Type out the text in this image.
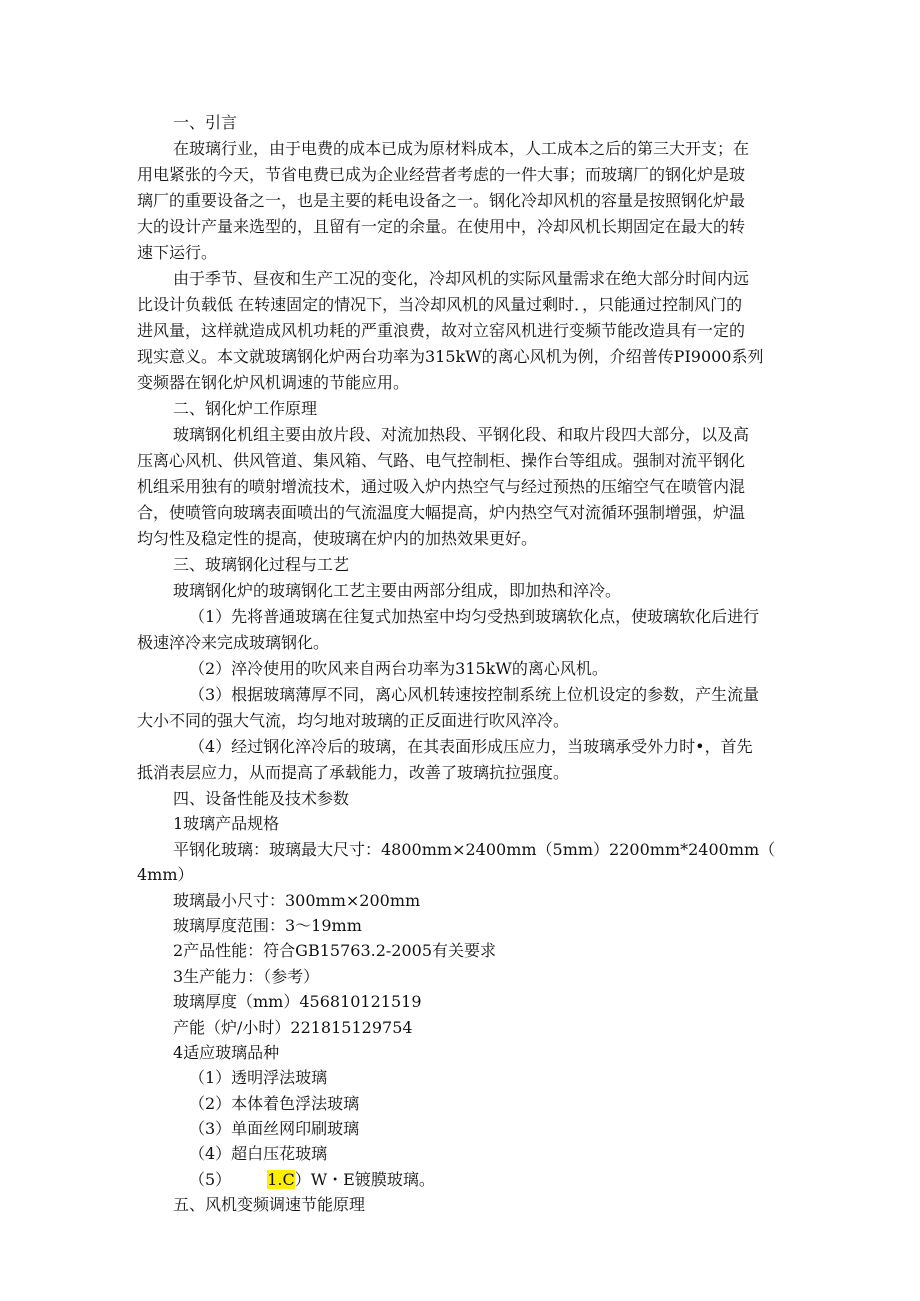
一、引言
在玻璃行业，由于电费的成本已成为原材料成本，人工成本之后的第三大开支；在
用电紧张的今天，节省电费已成为企业经营者考虑的一件大事；而玻璃厂的钢化炉是玻
璃厂的重要设备之一，也是主要的耗电设备之一。钢化冷却风机的容量是按照钢化炉最
大的设计产量来选型的，且留有一定的余量。在使用中，冷却风机长期固定在最大的转
速下运行。
由于季节、昼夜和生产工况的变化，冷却风机的实际风量需求在绝大部分时间内远
比设计负载低 在转速固定的情况下，当冷却风机的风量过剩时．，只能通过控制风门的
进风量，这样就造成风机功耗的严重浪费，故对立窑风机进行变频节能改造具有一定的
现实意义。本文就玻璃钢化炉两台功率为315kW的离心风机为例，介绍普传PI9000系列
变频器在钢化炉风机调速的节能应用。
二、钢化炉工作原理
玻璃钢化机组主要由放片段、对流加热段、平钢化段、和取片段四大部分，以及高
压离心风机、供风管道、集风箱、气路、电气控制柜、操作台等组成。强制对流平钢化
机组采用独有的喷射增流技术，通过吸入炉内热空气与经过预热的压缩空气在喷管内混
合，使喷管向玻璃表面喷出的气流温度大幅提高，炉内热空气对流循环强制增强，炉温
均匀性及稳定性的提高，使玻璃在炉内的加热效果更好。
三、玻璃钢化过程与工艺
玻璃钢化炉的玻璃钢化工艺主要由两部分组成，即加热和淬冷。
（1）先将普通玻璃在往复式加热室中均匀受热到玻璃软化点，使玻璃软化后进行
极速淬冷来完成玻璃钢化。
（2）淬冷使用的吹风来自两台功率为315kW的离心风机。
（3）根据玻璃薄厚不同，离心风机转速按控制系统上位机设定的参数，产生流量
大小不同的强大气流，均匀地对玻璃的正反面进行吹风淬冷。
（4）经过钢化淬冷后的玻璃，在其表面形成压应力，当玻璃承受外力时•，首先
抵消表层应力，从而提高了承载能力，改善了玻璃抗拉强度。
四、设备性能及技术参数
1玻璃产品规格
平钢化玻璃：玻璃最大尺寸：4800mm×2400mm（5mm）2200mm*2400mm（
4mm）
玻璃最小尺寸：300mm×200mm
玻璃厚度范围：3～19mm
2产品性能：符合GB15763.2-2005有关要求
3生产能力：（参考）
玻璃厚度（mm）456810121519
产能（炉/小时）221815129754
4适应玻璃品种
（1）透明浮法玻璃
（2）本体着色浮法玻璃
（3）单面丝网印刷玻璃
（4）超白压花玻璃
（5） 1.C）W・E镀膜玻璃。
五、风机变频调速节能原理
